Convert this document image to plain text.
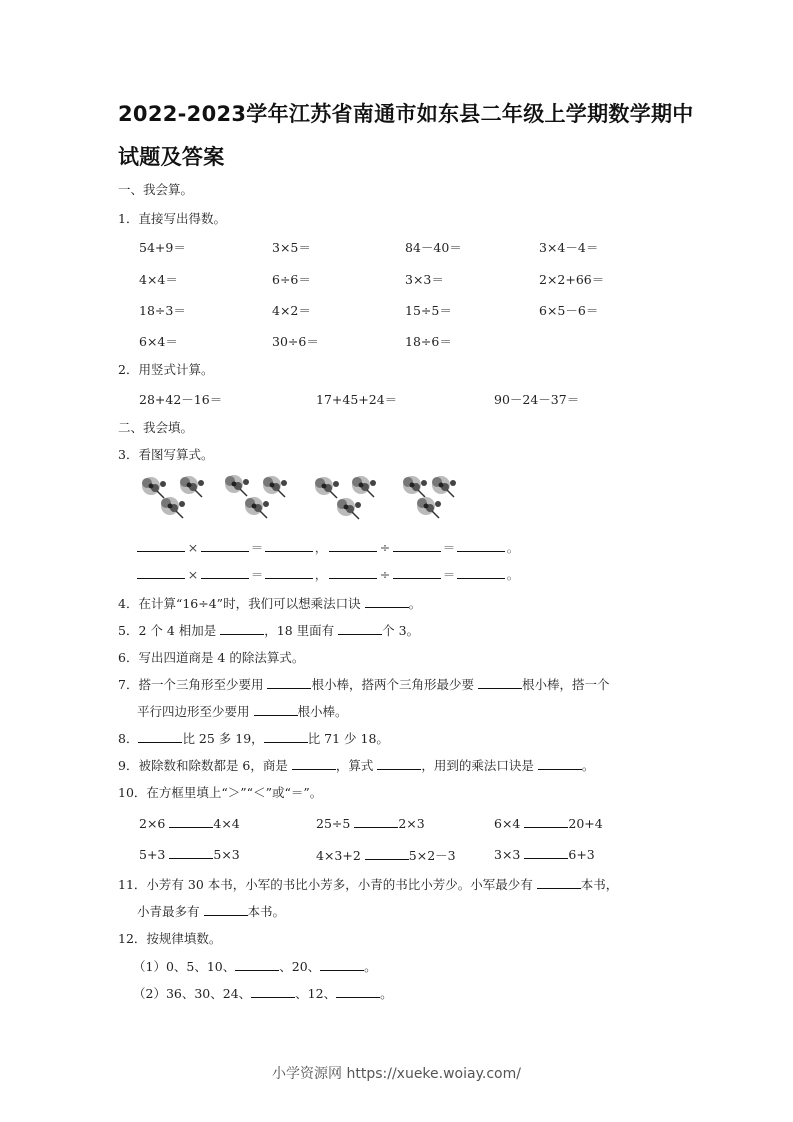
2022-2023学年江苏省南通市如东县二年级上学期数学期中
试题及答案
一、我会算。
1．直接写出得数。
54+9＝	3×5＝	84－40＝	3×4－4＝
4×4＝	6÷6＝	3×3＝	2×2+66＝
18÷3＝	4×2＝	15÷5＝	6×5－6＝
6×4＝	30÷6＝	18÷6＝
2．用竖式计算。
28+42－16＝	17+45+24＝	90－24－37＝
二、我会填。
3．看图写算式。
×	＝	，	÷	＝	。
×	＝	，	÷	＝	。
4．在计算“16÷4”时，我们可以想乘法口诀	。
5．2 个 4 相加是	，18 里面有	个 3。
6．写出四道商是 4 的除法算式。
7．搭一个三角形至少要用	根小棒，搭两个三角形最少要	根小棒，搭一个
平行四边形至少要用	根小棒。
8．	比 25 多 19，	比 71 少 18。
9．被除数和除数都是 6，商是	，算式	，用到的乘法口诀是	。
10．在方框里填上“＞”“＜”或“＝”。
2×6	4×4	25÷5	2×3	6×4	20+4
5+3	5×3	4×3+2	5×2－3	3×3	6+3
11．小芳有 30 本书，小军的书比小芳多，小青的书比小芳少。小军最少有	本书，
小青最多有	本书。
12．按规律填数。
（1）0、5、10、	、20、	。
（2）36、30、24、	、12、	。
小学资源网 https://xueke.woiay.com/
